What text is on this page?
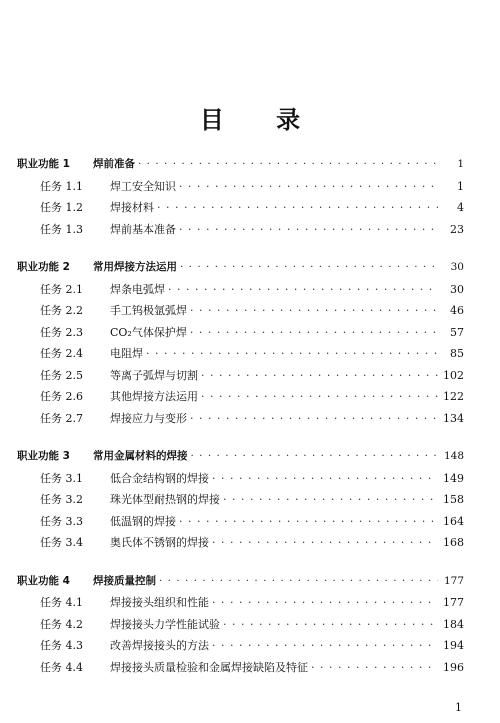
目 录
职业功能 1	焊前准备 · · ·	1
任务 1.1	焊工安全知识 · · ·	1
任务 1.2	焊接材料 · · ·	4
任务 1.3	焊前基本准备 · · ·	23
职业功能 2	常用焊接方法运用 · · ·	30
任务 2.1	焊条电弧焊 · · ·	30
任务 2.2	手工钨极氩弧焊 · · ·	46
任务 2.3	CO₂气体保护焊 · · ·	57
任务 2.4	电阻焊 · · ·	85
任务 2.5	等离子弧焊与切割 · · ·	102
任务 2.6	其他焊接方法运用 · · ·	122
任务 2.7	焊接应力与变形 · · ·	134
职业功能 3	常用金属材料的焊接 · · ·	148
任务 3.1	低合金结构钢的焊接 · · ·	149
任务 3.2	珠光体型耐热钢的焊接 · · ·	158
任务 3.3	低温钢的焊接 · · ·	164
任务 3.4	奥氏体不锈钢的焊接 · · ·	168
职业功能 4	焊接质量控制 · · ·	177
任务 4.1	焊接接头组织和性能 · · ·	177
任务 4.2	焊接接头力学性能试验 · · ·	184
任务 4.3	改善焊接接头的方法 · · ·	194
任务 4.4	焊接接头质量检验和金属焊接缺陷及特征 · · ·	196
1
